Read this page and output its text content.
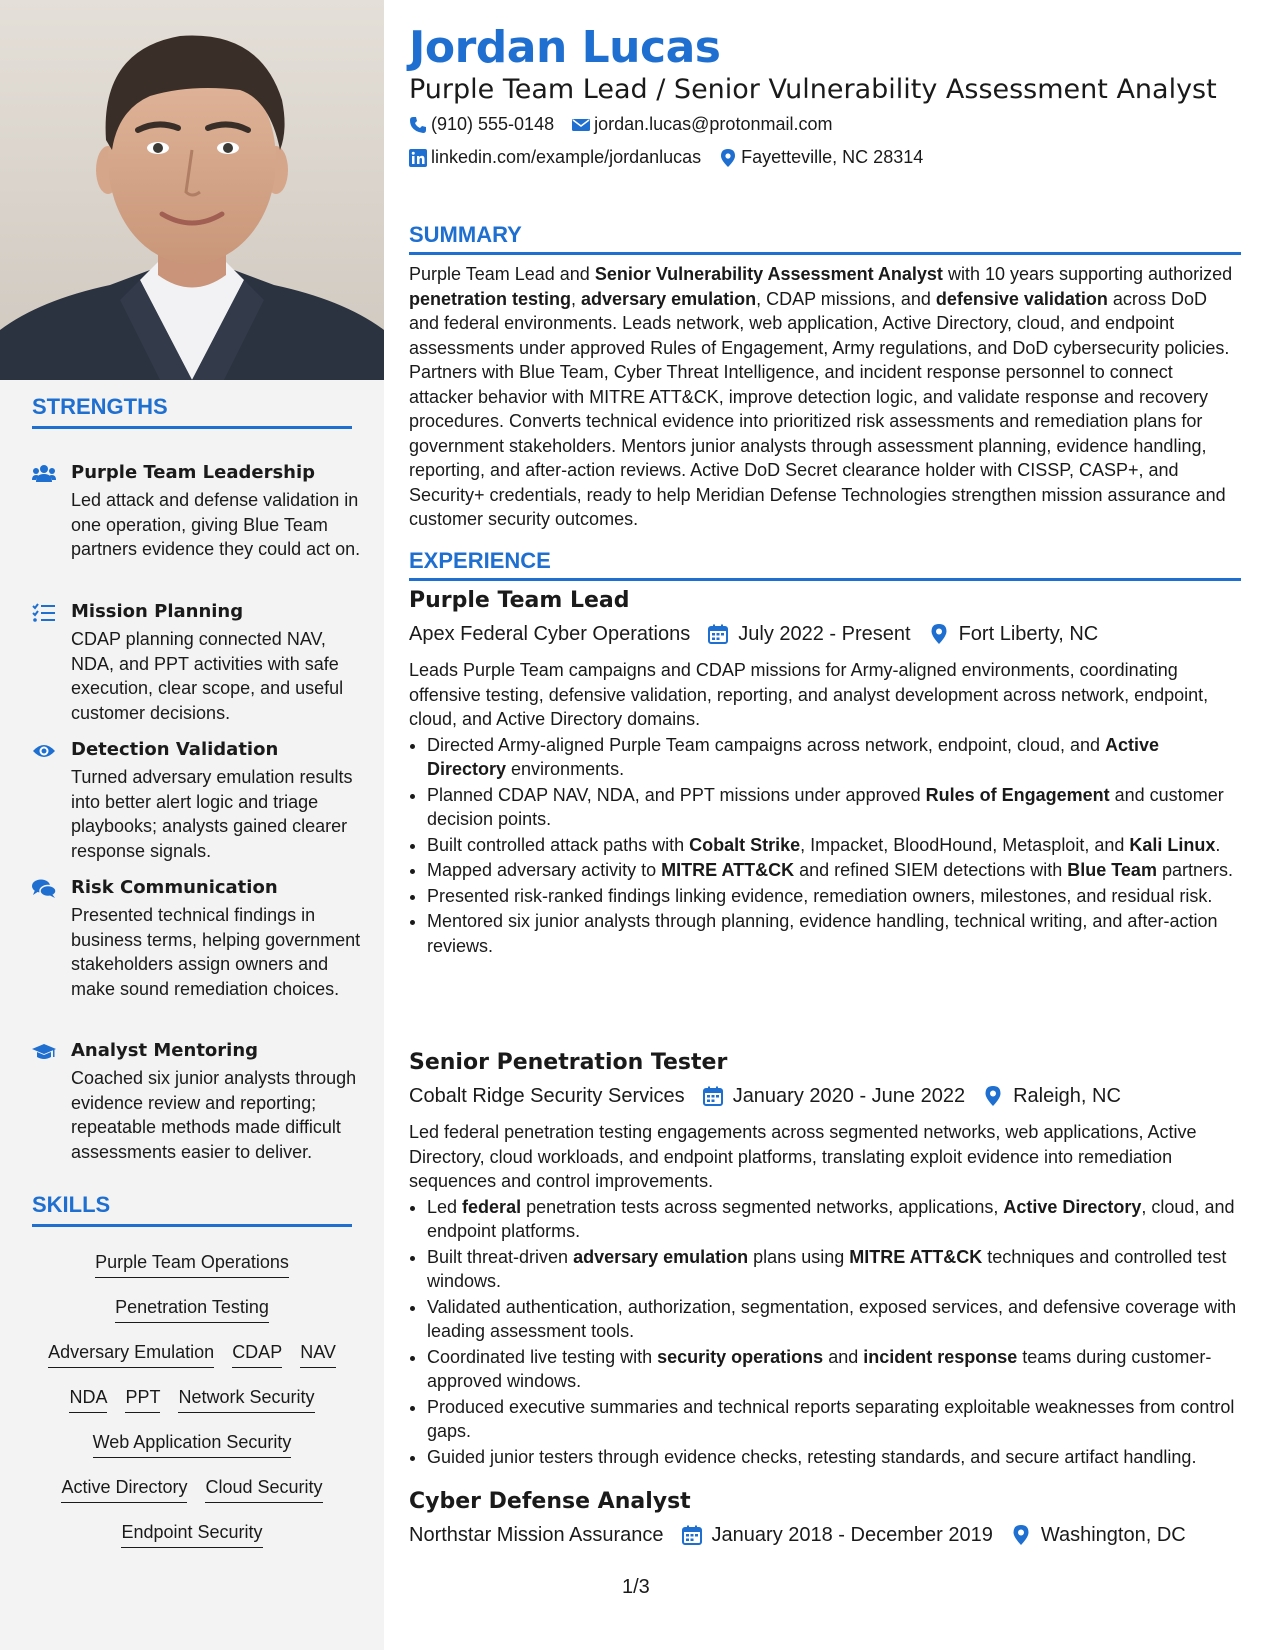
STRENGTHS
Purple Team Leadership
Led attack and defense validation in one operation, giving Blue Team partners evidence they could act on.
Mission Planning
CDAP planning connected NAV, NDA, and PPT activities with safe execution, clear scope, and useful customer decisions.
Detection Validation
Turned adversary emulation results into better alert logic and triage playbooks; analysts gained clearer response signals.
Risk Communication
Presented technical findings in business terms, helping government stakeholders assign owners and make sound remediation choices.
Analyst Mentoring
Coached six junior analysts through evidence review and reporting; repeatable methods made difficult assessments easier to deliver.
SKILLS
Purple Team Operations
Penetration Testing
Adversary Emulation CDAP NAV
NDA PPT Network Security
Web Application Security
Active Directory Cloud Security
Endpoint Security
Jordan Lucas
Purple Team Lead / Senior Vulnerability Assessment Analyst
(910) 555-0148 jordan.lucas@protonmail.com
linkedin.com/example/jordanlucas Fayetteville, NC 28314
SUMMARY
Purple Team Lead and Senior Vulnerability Assessment Analyst with 10 years supporting authorized penetration testing, adversary emulation, CDAP missions, and defensive validation across DoD and federal environments. Leads network, web application, Active Directory, cloud, and endpoint assessments under approved Rules of Engagement, Army regulations, and DoD cybersecurity policies. Partners with Blue Team, Cyber Threat Intelligence, and incident response personnel to connect attacker behavior with MITRE ATT&CK, improve detection logic, and validate response and recovery procedures. Converts technical evidence into prioritized risk assessments and remediation plans for government stakeholders. Mentors junior analysts through assessment planning, evidence handling, reporting, and after-action reviews. Active DoD Secret clearance holder with CISSP, CASP+, and Security+ credentials, ready to help Meridian Defense Technologies strengthen mission assurance and customer security outcomes.
EXPERIENCE
Purple Team Lead
Apex Federal Cyber Operations July 2022 - Present Fort Liberty, NC
Leads Purple Team campaigns and CDAP missions for Army-aligned environments, coordinating offensive testing, defensive validation, reporting, and analyst development across network, endpoint, cloud, and Active Directory domains.
• Directed Army-aligned Purple Team campaigns across network, endpoint, cloud, and Active Directory environments.
• Planned CDAP NAV, NDA, and PPT missions under approved Rules of Engagement and customer decision points.
• Built controlled attack paths with Cobalt Strike, Impacket, BloodHound, Metasploit, and Kali Linux.
• Mapped adversary activity to MITRE ATT&CK and refined SIEM detections with Blue Team partners.
• Presented risk-ranked findings linking evidence, remediation owners, milestones, and residual risk.
• Mentored six junior analysts through planning, evidence handling, technical writing, and after-action reviews.
Senior Penetration Tester
Cobalt Ridge Security Services January 2020 - June 2022 Raleigh, NC
Led federal penetration testing engagements across segmented networks, web applications, Active Directory, cloud workloads, and endpoint platforms, translating exploit evidence into remediation sequences and control improvements.
• Led federal penetration tests across segmented networks, applications, Active Directory, cloud, and endpoint platforms.
• Built threat-driven adversary emulation plans using MITRE ATT&CK techniques and controlled test windows.
• Validated authentication, authorization, segmentation, exposed services, and defensive coverage with leading assessment tools.
• Coordinated live testing with security operations and incident response teams during customer-approved windows.
• Produced executive summaries and technical reports separating exploitable weaknesses from control gaps.
• Guided junior testers through evidence checks, retesting standards, and secure artifact handling.
Cyber Defense Analyst
Northstar Mission Assurance January 2018 - December 2019 Washington, DC
1/3
